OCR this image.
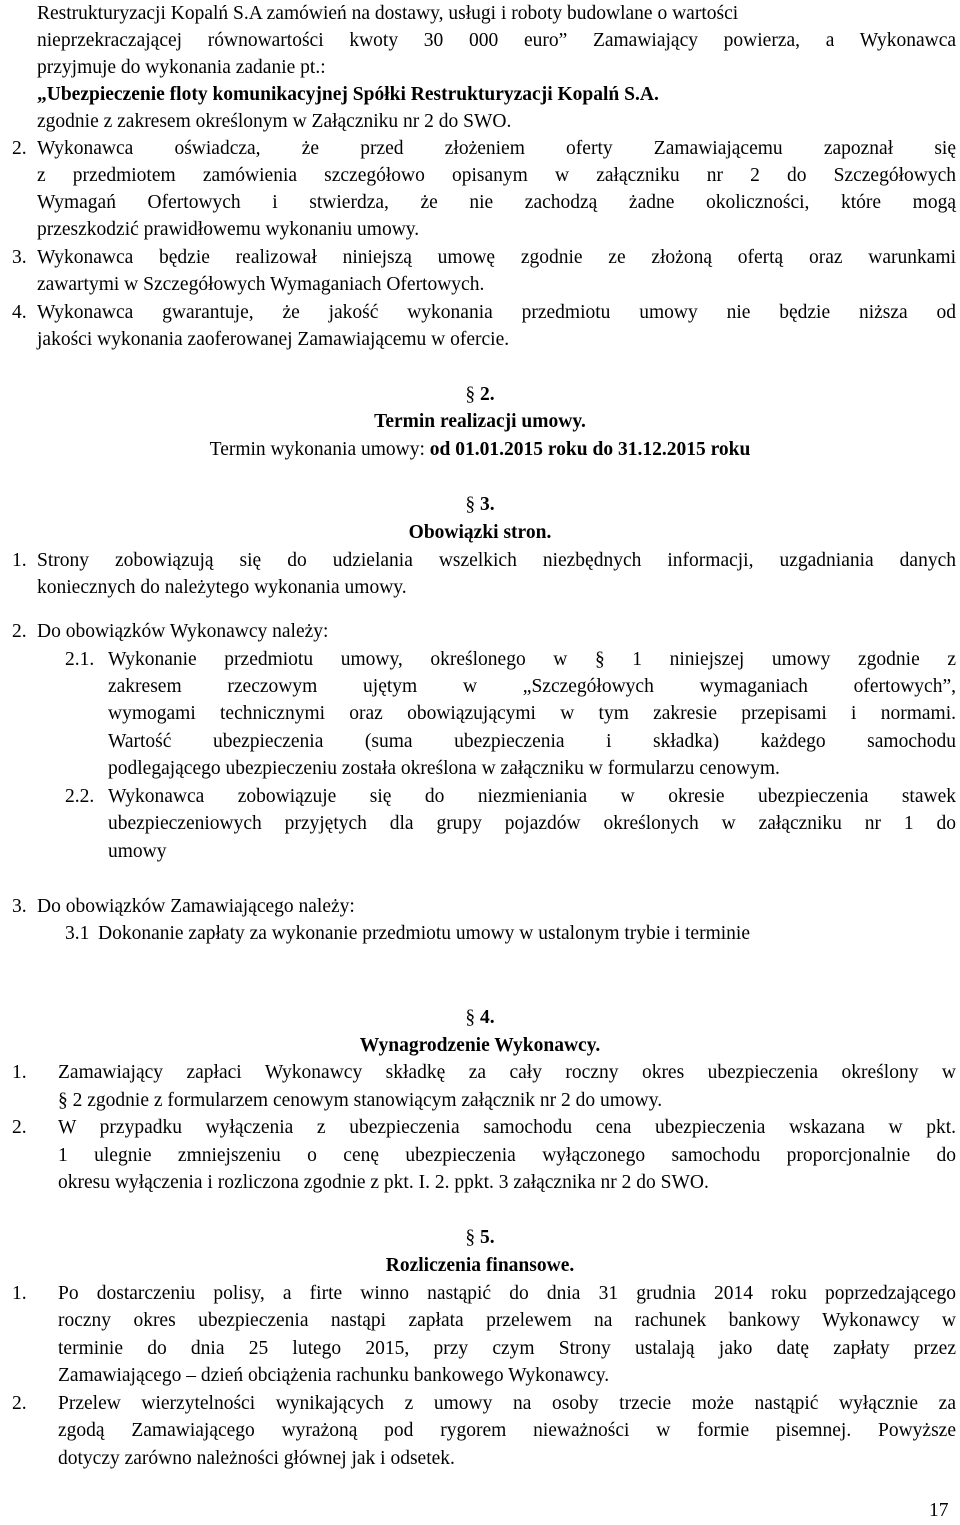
Restrukturyzacji Kopalń S.A zamówień na dostawy, usługi i roboty budowlane o wartości
nieprzekraczającej równowartości kwoty 30 000 euro” Zamawiający powierza, a Wykonawca
przyjmuje do wykonania zadanie pt.:
„Ubezpieczenie floty komunikacyjnej Spółki Restrukturyzacji Kopalń S.A.
zgodnie z zakresem określonym w Załączniku nr 2 do SWO.
2. Wykonawca oświadcza, że przed złożeniem oferty Zamawiającemu zapoznał się
z przedmiotem zamówienia szczegółowo opisanym w załączniku nr 2 do Szczegółowych
Wymagań Ofertowych i stwierdza, że nie zachodzą żadne okoliczności, które mogą
przeszkodzić prawidłowemu wykonaniu umowy.
3. Wykonawca będzie realizował niniejszą umowę zgodnie ze złożoną ofertą oraz warunkami
zawartymi w Szczegółowych Wymaganiach Ofertowych.
4. Wykonawca gwarantuje, że jakość wykonania przedmiotu umowy nie będzie niższa od
jakości wykonania zaoferowanej Zamawiającemu w ofercie.
§ 2.
Termin realizacji umowy.
Termin wykonania umowy: od 01.01.2015 roku do 31.12.2015 roku
§ 3.
Obowiązki stron.
1. Strony zobowiązują się do udzielania wszelkich niezbędnych informacji, uzgadniania danych
koniecznych do należytego wykonania umowy.
2. Do obowiązków Wykonawcy należy:
2.1. Wykonanie przedmiotu umowy, określonego w § 1 niniejszej umowy zgodnie z
zakresem rzeczowym ujętym w „Szczegółowych wymaganiach ofertowych”,
wymogami technicznymi oraz obowiązującymi w tym zakresie przepisami i normami.
Wartość ubezpieczenia (suma ubezpieczenia i składka) każdego samochodu
podlegającego ubezpieczeniu została określona w załączniku w formularzu cenowym.
2.2. Wykonawca zobowiązuje się do niezmieniania w okresie ubezpieczenia stawek
ubezpieczeniowych przyjętych dla grupy pojazdów określonych w załączniku nr 1 do
umowy
3. Do obowiązków Zamawiającego należy:
3.1 Dokonanie zapłaty za wykonanie przedmiotu umowy w ustalonym trybie i terminie
§ 4.
Wynagrodzenie Wykonawcy.
1. Zamawiający zapłaci Wykonawcy składkę za cały roczny okres ubezpieczenia określony w
§ 2 zgodnie z formularzem cenowym stanowiącym załącznik nr 2 do umowy.
2. W przypadku wyłączenia z ubezpieczenia samochodu cena ubezpieczenia wskazana w pkt.
1 ulegnie zmniejszeniu o cenę ubezpieczenia wyłączonego samochodu proporcjonalnie do
okresu wyłączenia i rozliczona zgodnie z pkt. I. 2. ppkt. 3 załącznika nr 2 do SWO.
§ 5.
Rozliczenia finansowe.
1. Po dostarczeniu polisy, a firte winno nastąpić do dnia 31 grudnia 2014 roku poprzedzającego
roczny okres ubezpieczenia nastąpi zapłata przelewem na rachunek bankowy Wykonawcy w
terminie do dnia 25 lutego 2015, przy czym Strony ustalają jako datę zapłaty przez
Zamawiającego – dzień obciążenia rachunku bankowego Wykonawcy.
2. Przelew wierzytelności wynikających z umowy na osoby trzecie może nastąpić wyłącznie za
zgodą Zamawiającego wyrażoną pod rygorem nieważności w formie pisemnej. Powyższe
dotyczy zarówno należności głównej jak i odsetek.
17
